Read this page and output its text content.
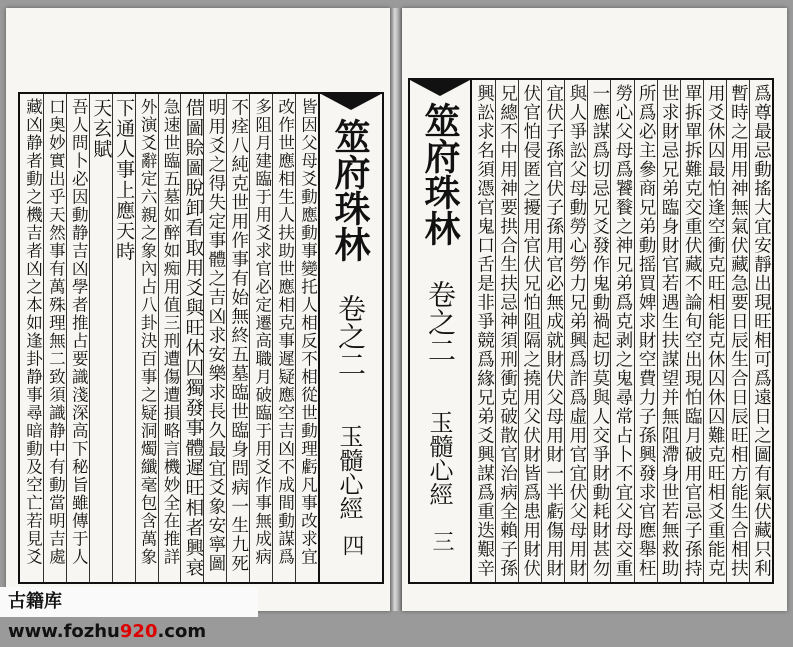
皆因父母爻動應動事變托人相反不相從世動理虧凡事改求宜
改作世應相生人扶助世應相克事遲疑應空吉凶不成間動謀爲
多阻月建臨于用爻求官必定遷高職月破臨于用爻作事無成病
不痊八純克世用作事有始無終五墓臨世臨身問病一生九死
明用爻之得失定事體之吉凶求安樂求長久最宜爻象安寧圖
借圖賒圖脫卸看取用爻與旺休囚獨發事體遲旺相者興衰
急速世臨五墓如醉如痴用值三刑遭傷遭損略言機妙全在推詳
外演爻辭定六親之象內占八卦決百事之疑洞燭纖毫包含萬象
下通人事上應天時
天玄賦
吾人問卜必因動静吉凶學者推占要識淺深高下秘旨雖傳于人
口奥妙實出乎天然事有萬殊理無二致須識静中有動當明吉處
藏凶静者動之機吉者凶之本如逢卦静事尋暗動及空亡若見爻	筮府珠林
卷之二
玉髓心經
四
筮府珠林
卷之二
玉髓心經
三	爲尊最忌動搖大宜安靜出現旺相可爲遠日之圖有氣伏藏只利
暫時之用用神無氣伏藏急要日辰生合日辰旺相方能生合相扶
用爻休囚最怕逢空衝克旺相能克休囚休囚難克旺相爻重能克
單拆單拆難克交重伏藏不論旬空出現怕臨月破用官忌子孫持
世求財忌兄弟臨身財官若遇生扶謀望并無阻滯身世若無救助
所爲必主參商兄弟動摇買婢求財空費力子孫興發求官應舉枉
勞心父母爲饕餮之神兄弟爲克剥之鬼尋常占卜不宜父母交重
一應謀爲切忌兄爻發作鬼動禍起切莫與人交爭財動耗財甚勿
與人爭訟父母動勞心勞力兄弟興爲詐爲虛用官宜伏父母用財
宜伏子孫官伏子孫用官必無成就財伏父母用財一半虧傷用財
伏官怕侵匿之擾用官伏兄怕阻隔之撓用父伏財皆爲患用財伏
兄總不中用神要拱合生扶忌神須刑衝克破散官治病全賴子孫
興訟求名須憑官鬼口舌是非爭競爲緣兄弟爻興謀爲重迭艱辛
古籍库 www.fozhu920.com
